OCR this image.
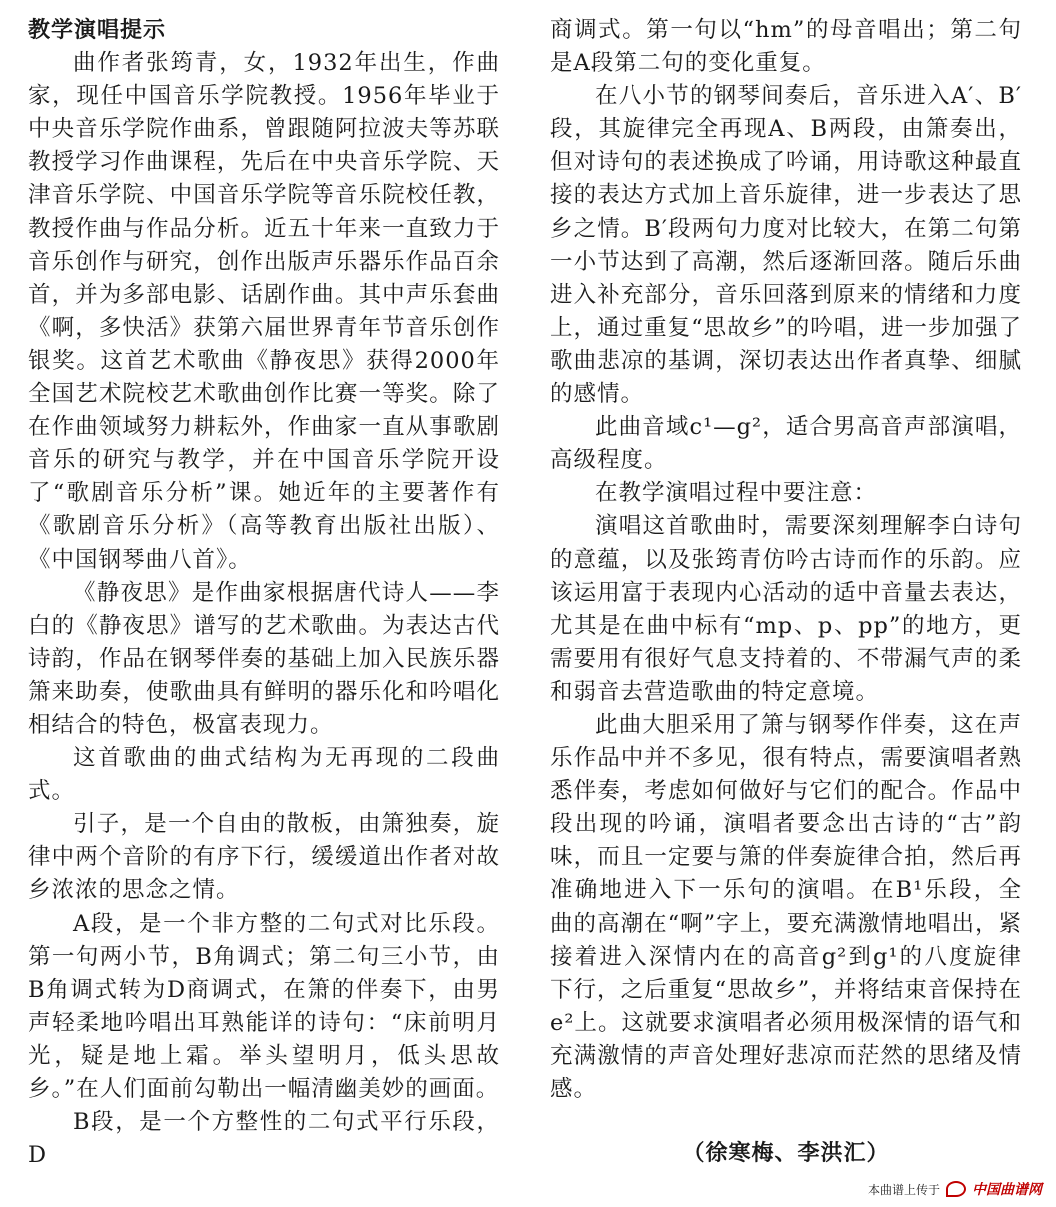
教学演唱提示

曲作者张筠青，女，1932年出生，作曲家，现任中国音乐学院教授。1956年毕业于中央音乐学院作曲系，曾跟随阿拉波夫等苏联教授学习作曲课程，先后在中央音乐学院、天津音乐学院、中国音乐学院等音乐院校任教，教授作曲与作品分析。近五十年来一直致力于音乐创作与研究，创作出版声乐器乐作品百余首，并为多部电影、话剧作曲。其中声乐套曲《啊，多快活》获第六届世界青年节音乐创作银奖。这首艺术歌曲《静夜思》获得2000年全国艺术院校艺术歌曲创作比赛一等奖。除了在作曲领域努力耕耘外，作曲家一直从事歌剧音乐的研究与教学，并在中国音乐学院开设了“歌剧音乐分析”课。她近年的主要著作有《歌剧音乐分析》（高等教育出版社出版）、《中国钢琴曲八首》。

《静夜思》是作曲家根据唐代诗人——李白的《静夜思》谱写的艺术歌曲。为表达古代诗韵，作品在钢琴伴奏的基础上加入民族乐器箫来助奏，使歌曲具有鲜明的器乐化和吟唱化相结合的特色，极富表现力。

这首歌曲的曲式结构为无再现的二段曲式。

引子，是一个自由的散板，由箫独奏，旋律中两个音阶的有序下行，缓缓道出作者对故乡浓浓的思念之情。

A段，是一个非方整的二句式对比乐段。第一句两小节，B角调式；第二句三小节，由B角调式转为D商调式，在箫的伴奏下，由男声轻柔地吟唱出耳熟能详的诗句：“床前明月光，疑是地上霜。举头望明月，低头思故乡。”在人们面前勾勒出一幅清幽美妙的画面。

B段，是一个方整性的二句式平行乐段，D

商调式。第一句以“hm”的母音唱出；第二句是A段第二句的变化重复。

在八小节的钢琴间奏后，音乐进入A′、B′段，其旋律完全再现A、B两段，由箫奏出，但对诗句的表述换成了吟诵，用诗歌这种最直接的表达方式加上音乐旋律，进一步表达了思乡之情。B′段两句力度对比较大，在第二句第一小节达到了高潮，然后逐渐回落。随后乐曲进入补充部分，音乐回落到原来的情绪和力度上，通过重复“思故乡”的吟唱，进一步加强了歌曲悲凉的基调，深切表达出作者真挚、细腻的感情。

此曲音域c¹—g²，适合男高音声部演唱，高级程度。

在教学演唱过程中要注意：

演唱这首歌曲时，需要深刻理解李白诗句的意蕴，以及张筠青仿吟古诗而作的乐韵。应该运用富于表现内心活动的适中音量去表达，尤其是在曲中标有“mp、p、pp”的地方，更需要用有很好气息支持着的、不带漏气声的柔和弱音去营造歌曲的特定意境。

此曲大胆采用了箫与钢琴作伴奏，这在声乐作品中并不多见，很有特点，需要演唱者熟悉伴奏，考虑如何做好与它们的配合。作品中段出现的吟诵，演唱者要念出古诗的“古”韵味，而且一定要与箫的伴奏旋律合拍，然后再准确地进入下一乐句的演唱。在B¹乐段，全曲的高潮在“啊”字上，要充满激情地唱出，紧接着进入深情内在的高音g²到g¹的八度旋律下行，之后重复“思故乡”，并将结束音保持在e²上。这就要求演唱者必须用极深情的语气和充满激情的声音处理好悲凉而茫然的思绪及情感。

（徐寒梅、李洪汇）
本曲谱上传于 中国曲谱网
